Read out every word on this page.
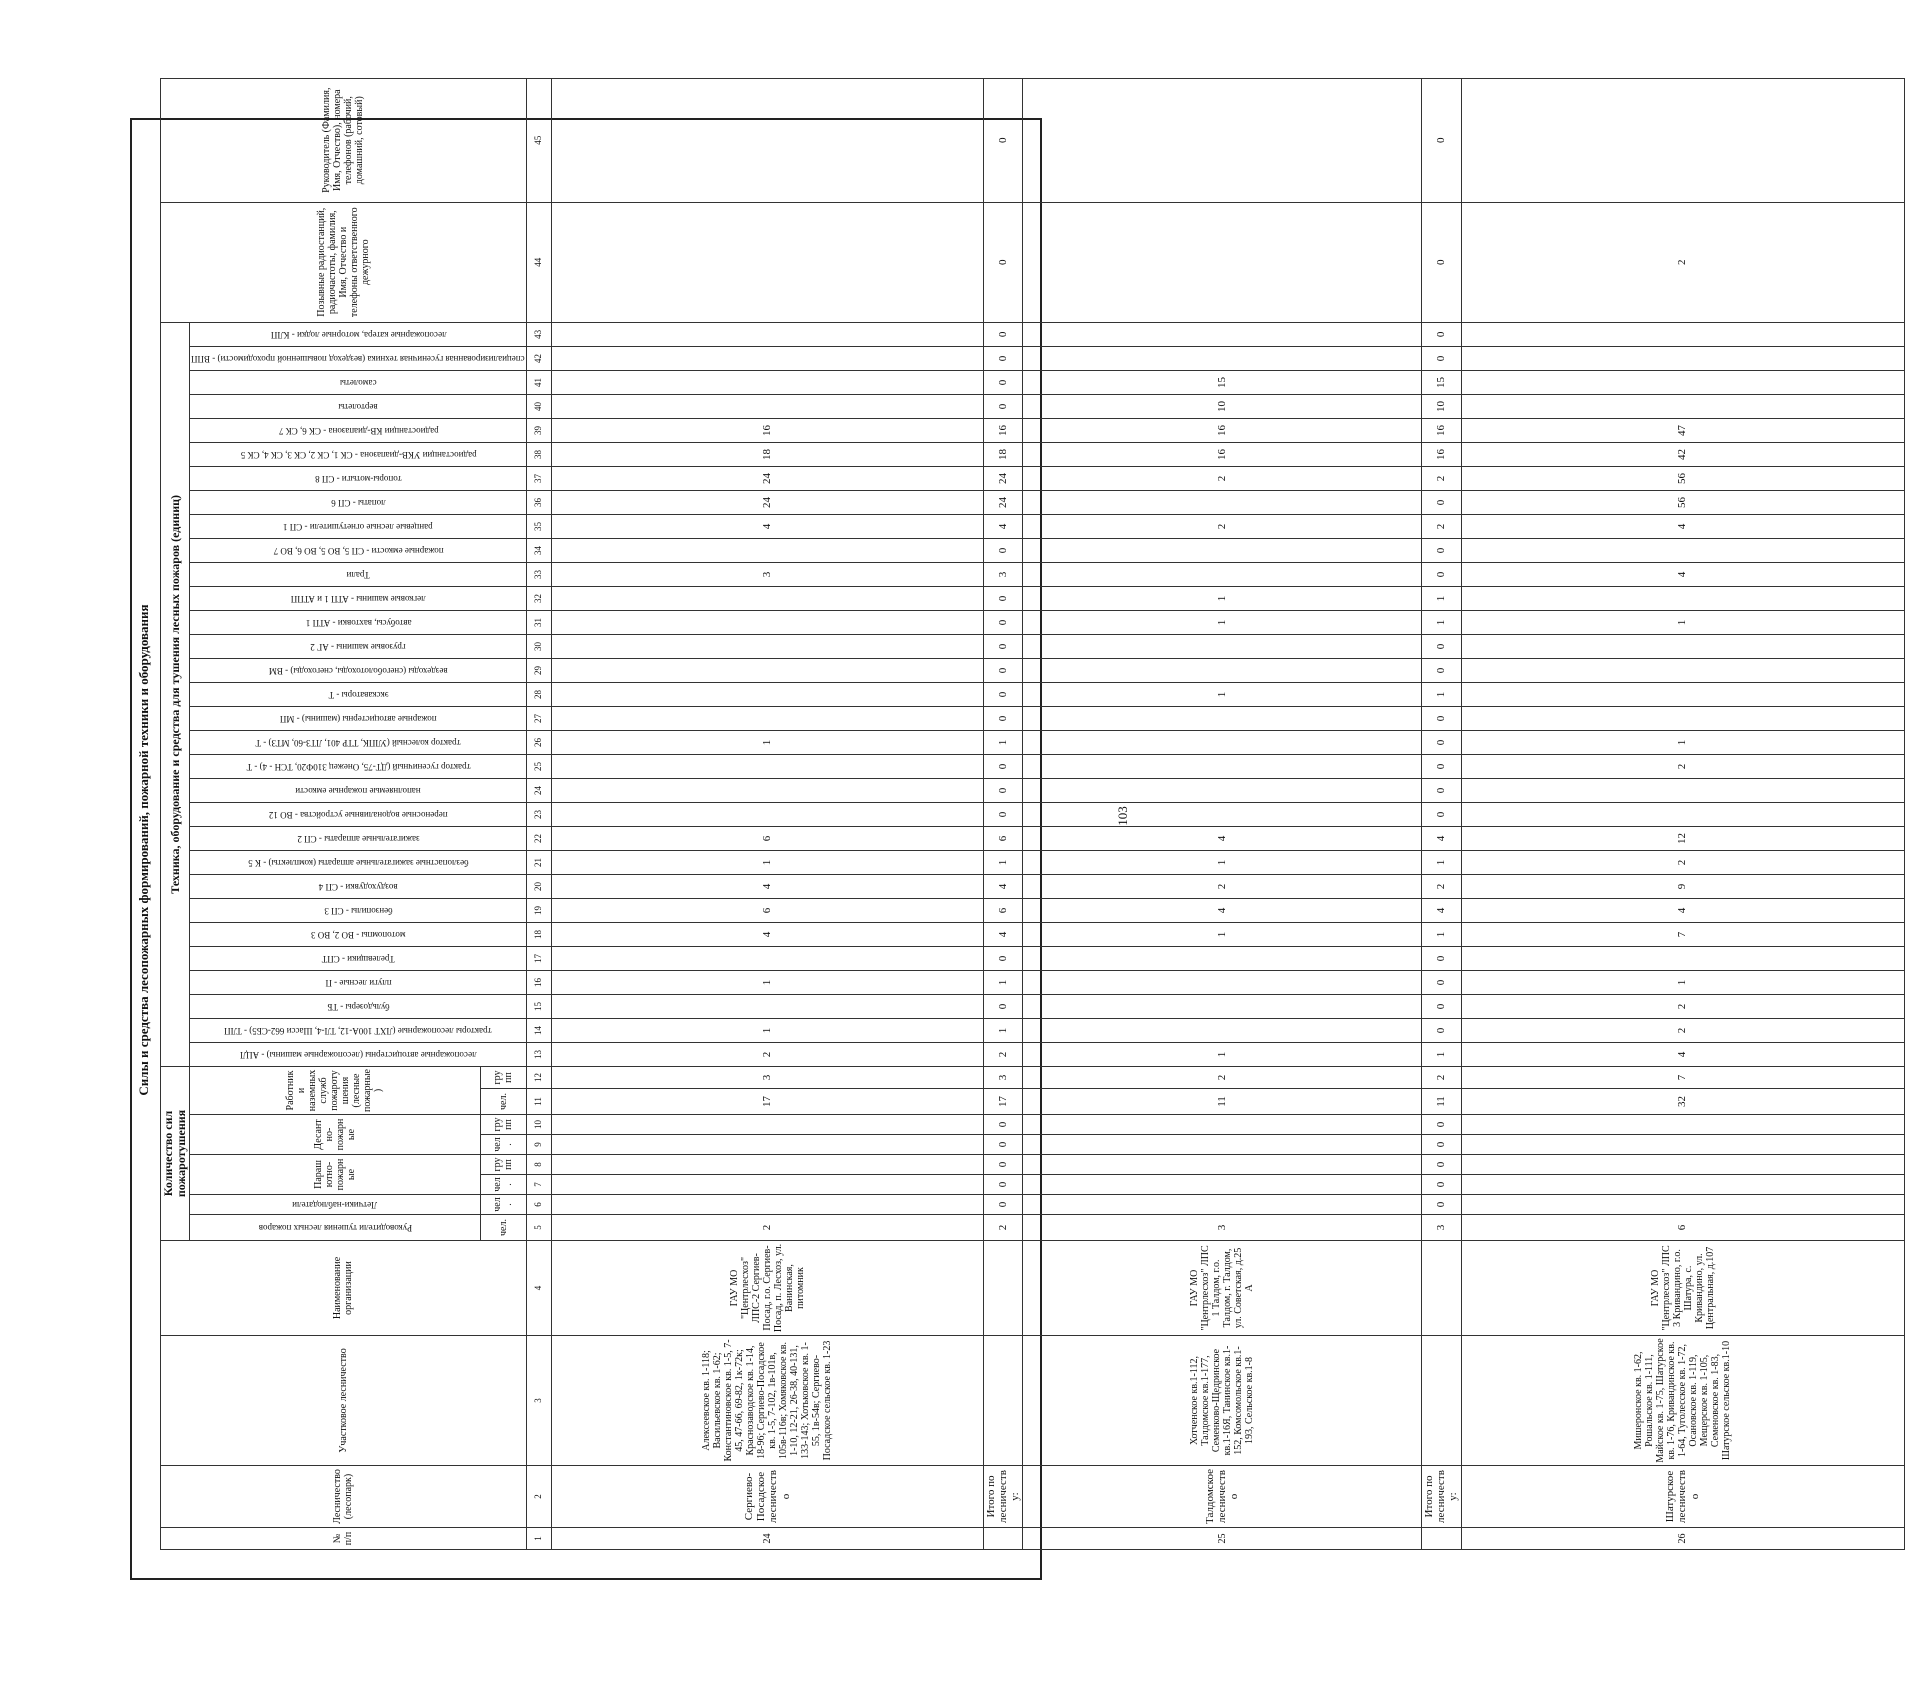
Силы и средства лесопожарных формирований, пожарной техники и оборудования
№ п/п	Лесничество (лесопарк)	Участковое лесничество	Наименование организации	Количество сил пожаротушения								Техника, оборудование и средства для тушения лесных пожаров (единиц)																															Позывные радиостанций, радиочастоты, фамилия, Имя, Отчество и телефоны ответственного дежурного	Руководитель (Фамилия, Имя, Отчество), номера телефонов (рабочий, домашний, сотовый)	
				Руководители тушения лесных пожаров	Летчики-наблюдатели	Парашютно-пожарные		Десантно-пожарные		Работники наземных служб пожаротушения (лесные пожарные)		лесопожарные автоцистерны (лесопожарные машины) - АЦЛ	тракторы лесопожарные (ЛХТ 100А-12, ТЛ-4, Шасси 662-СБ5) - ТЛП	бульдозеры - ТБ	плуги лесные - П	Трелевщики - СПТ	мотопомпы - ВО 2, ВО 3	бензопилы - СП 3	воздуходувки - СП 4	безлопастные зажигательные аппараты (комплекты) - К 5	зажигательные аппараты - СП 2	переносные водоналивные устройства - ВО 12	наполняемые пожарные емкости	трактор гусеничный (ДТ-75, Онежец 310Ф20, ТСН - 4) - Т	трактор колесный (УЛПК, ТТР 401, ЛТЗ-60, МТЗ) - Т	пожарные автоцистерны (машины) - МП	экскаваторы - Т	вездеходы (снегоболотоходы, снегоходы) - ВМ	грузовые машины - АГ 2	автобусы, вахтовки - АТП 1	легковые машины - АТП 1 и АТПП	Трали	пожарные емкости - СП 5, ВО 5, ВО 6, ВО 7	ранцевые лесные огнетушители - СП 1	лопаты - СП 6	топоры-мотыги - СП 8	радиостанции УКВ-диапазона - СК 1, СК 2, СК 3, СК 4, СК 5	радиостанции КВ-диапазона - СК 6, СК 7	вертолеты	самолеты	специализированная гусеничная техника (вездеход повышенной проходимости) - ВПП	лесопожарные катера, моторные лодки - КЛП			
				чел.	чел.	чел.	групп	чел.	групп	чел.	групп																																		
1	2	3	4	5	6	7	8	9	10	11	12	13	14	15	16	17	18	19	20	21	22	23	24	25	26	27	28	29	30	31	32	33	34	35	36	37	38	39	40	41	42	43	44	45	
24	Сергиево-Посадское лесничество	Алексеевское кв. 1-118; Васильевское кв. 1-62; Константиновское кв. 1-5, 7-45, 47-66, 69-82, 1к-72к; Краснозаводское кв. 1-14, 18-96; Сергиево-Посадское кв. 1-5, 7-102, 1в-101в, 105в-116в; Хомяковское кв. 1-10, 12-21, 26-38, 40-131, 133-143; Хотьковское кв. 1-55, 1в-54в; Сергиево-Посадское сельское кв. 1-23	ГАУ МО "Центрлесхоз" ЛПС-2 Сергиев-Посад, г.о. Сергиев-Посад, п. Лесхоз, ул. Ванинская, питомник	2						17	3	2	1		1		4	6	4	1	6				1							3		4	24	24	18	16								
	Итого по лесничеству:			2	0	0	0	0	0	17	3	2	1	0	1	0	4	6	4	1	6	0	0	0	1	0	0	0	0	0	0	3	0	4	24	24	18	16	0	0	0	0	0	0		
25	Талдомское лесничество	Хотченское кв.1-112, Талдомское кв.1-177, Семенково-Щедринское кв.1-16Я, Танинское кв.1-152, Комсомольское кв.1-193, Сельское кв.1-8	ГАУ МО "Центрлесхоз" ЛПС 1 Талдом, г.о. Талдом, г. Талдом, ул. Советская, д.25 А	3						11	2	1					1	4	2	1	4						1			1	1			2		2	16	16	10	15								
	Итого по лесничеству:			3	0	0	0	0	0	11	2	1	0	0	0	0	1	4	2	1	4	0	0	0	0	0	1	0	0	1	1	0	0	2	0	2	16	16	10	15	0	0	0	0		
26	Шатурское лесничество	Мишеронское кв. 1-62, Рошальское кв. 1-111, Майское кв. 1-75, Шатурское кв. 1-76, Кривандинское кв. 1-64, Туголесское кв. 1-72, Осановское кв. 1-119, Мещерское кв. 1-105, Семеновское кв. 1-83, Шатурское сельское кв.1-10	ГАУ МО "Центрлесхоз" ЛПС 3 Кривандино, г.о. Шатура, с. Кривандино, ул. Центральная, д.107	6						32	7	4	2	2	1		7	4	9	2	12			2	1					1		4		4	56	56	42	47					2			
103
